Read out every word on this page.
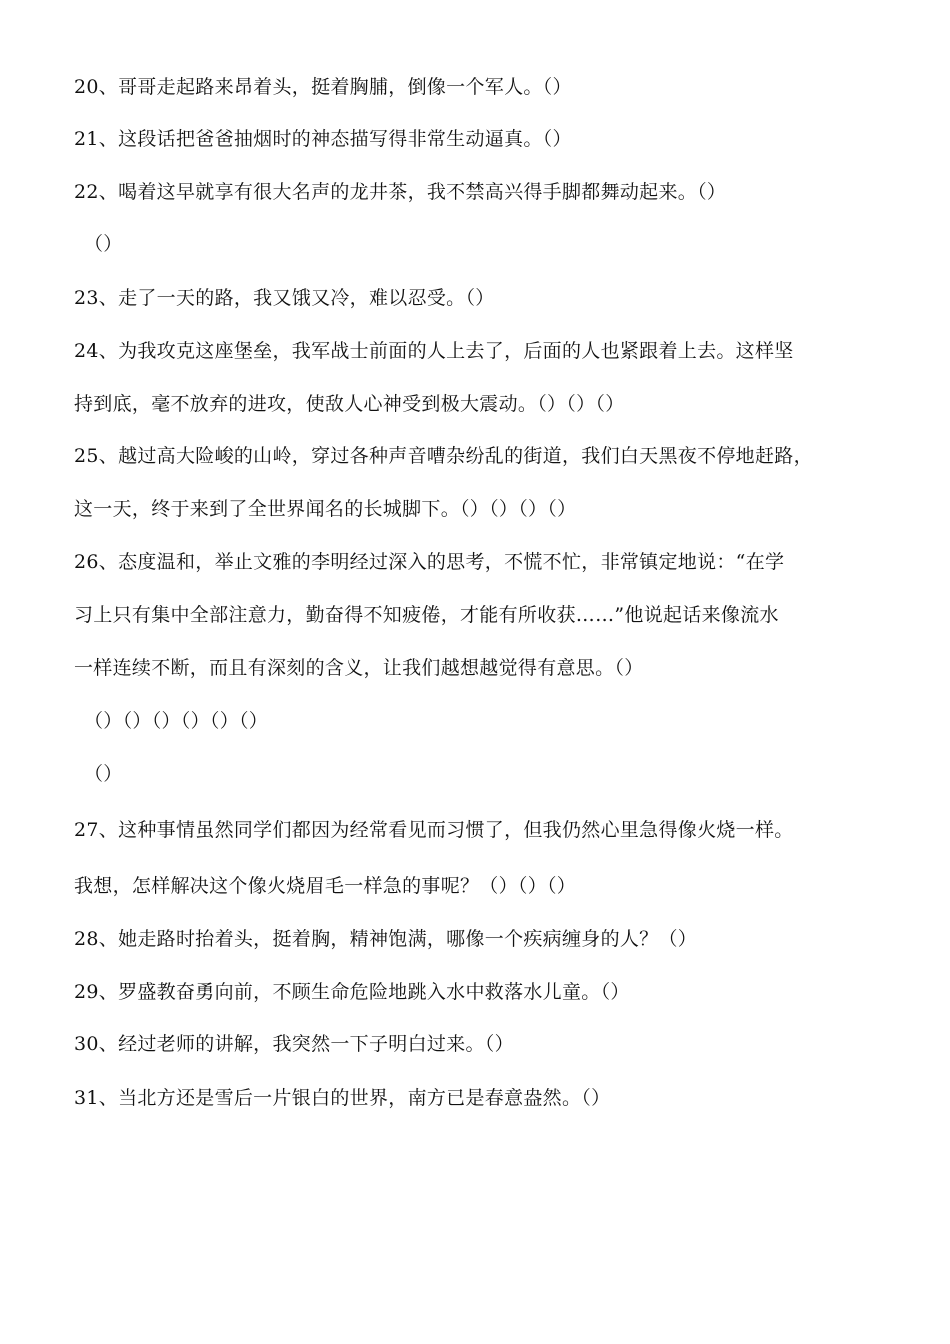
20、哥哥走起路来昂着头，挺着胸脯，倒像一个军人。（）
21、这段话把爸爸抽烟时的神态描写得非常生动逼真。（）
22、喝着这早就享有很大名声的龙井茶，我不禁高兴得手脚都舞动起来。（）
（）
23、走了一天的路，我又饿又冷，难以忍受。（）
24、为我攻克这座堡垒，我军战士前面的人上去了，后面的人也紧跟着上去。这样坚
持到底，毫不放弃的进攻，使敌人心神受到极大震动。（）（）（）
25、越过高大险峻的山岭，穿过各种声音嘈杂纷乱的街道，我们白天黑夜不停地赶路，
这一天，终于来到了全世界闻名的长城脚下。（）（）（）（）
26、态度温和，举止文雅的李明经过深入的思考，不慌不忙，非常镇定地说：“在学
习上只有集中全部注意力，勤奋得不知疲倦，才能有所收获……”他说起话来像流水
一样连续不断，而且有深刻的含义，让我们越想越觉得有意思。（）
（）（）（）（）（）（）
（）
27、这种事情虽然同学们都因为经常看见而习惯了，但我仍然心里急得像火烧一样。
我想，怎样解决这个像火烧眉毛一样急的事呢？（）（）（）
28、她走路时抬着头，挺着胸，精神饱满，哪像一个疾病缠身的人？（）
29、罗盛教奋勇向前，不顾生命危险地跳入水中救落水儿童。（）
30、经过老师的讲解，我突然一下子明白过来。（）
31、当北方还是雪后一片银白的世界，南方已是春意盎然。（）
